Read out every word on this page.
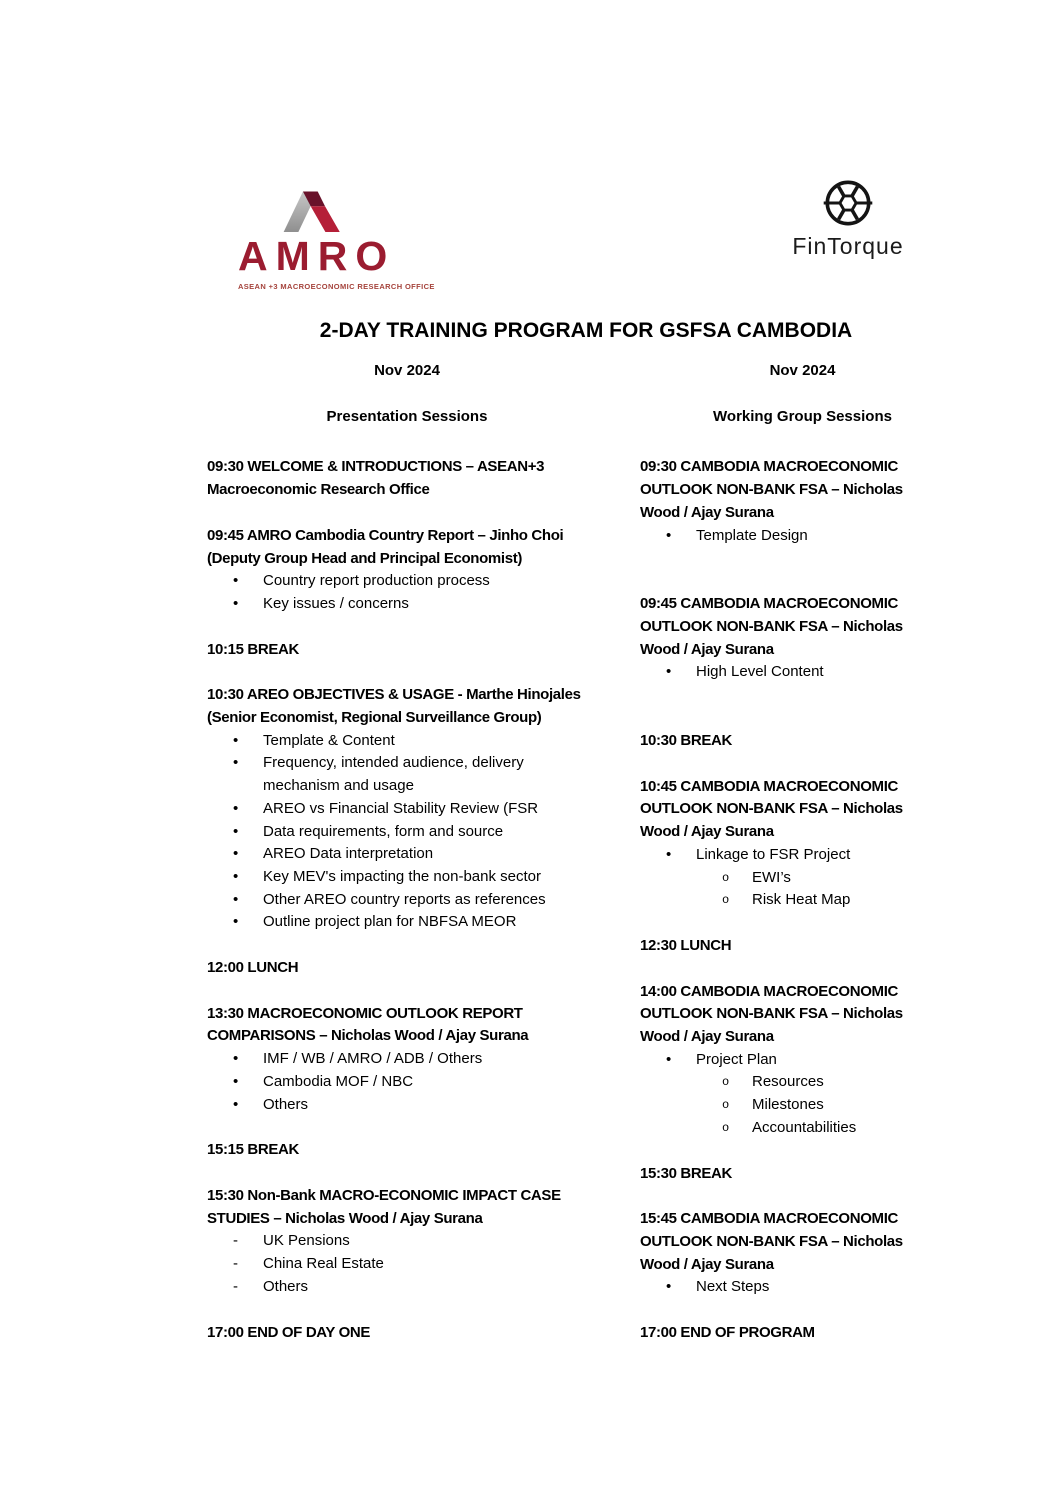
AMRO
ASEAN +3 MACROECONOMIC RESEARCH OFFICE
FinTorque
2-DAY TRAINING PROGRAM FOR GSFSA CAMBODIA
Nov 2024
Presentation Sessions
09:30 WELCOME & INTRODUCTIONS – ASEAN+3
Macroeconomic Research Office
09:45 AMRO Cambodia Country Report – Jinho Choi
(Deputy Group Head and Principal Economist)
•	Country report production process
•	Key issues / concerns
10:15 BREAK
10:30 AREO OBJECTIVES & USAGE - Marthe Hinojales
(Senior Economist, Regional Surveillance Group)
•	Template & Content
•	Frequency, intended audience, delivery
mechanism and usage
•	AREO vs Financial Stability Review (FSR
•	Data requirements, form and source
•	AREO Data interpretation
•	Key MEV's impacting the non-bank sector
•	Other AREO country reports as references
•	Outline project plan for NBFSA MEOR
12:00 LUNCH
13:30 MACROECONOMIC OUTLOOK REPORT
COMPARISONS – Nicholas Wood / Ajay Surana
•	IMF / WB / AMRO / ADB / Others
•	Cambodia MOF / NBC
•	Others
15:15 BREAK
15:30 Non-Bank MACRO-ECONOMIC IMPACT CASE
STUDIES – Nicholas Wood / Ajay Surana
-	UK Pensions
-	China Real Estate
-	Others
17:00 END OF DAY ONE
Nov 2024
Working Group Sessions
09:30 CAMBODIA MACROECONOMIC
OUTLOOK NON-BANK FSA – Nicholas
Wood / Ajay Surana
•	Template Design
09:45 CAMBODIA MACROECONOMIC
OUTLOOK NON-BANK FSA – Nicholas
Wood / Ajay Surana
•	High Level Content
10:30 BREAK
10:45 CAMBODIA MACROECONOMIC
OUTLOOK NON-BANK FSA – Nicholas
Wood / Ajay Surana
•	Linkage to FSR Project
o	EWI’s
o	Risk Heat Map
12:30 LUNCH
14:00 CAMBODIA MACROECONOMIC
OUTLOOK NON-BANK FSA – Nicholas
Wood / Ajay Surana
•	Project Plan
o	Resources
o	Milestones
o	Accountabilities
15:30 BREAK
15:45 CAMBODIA MACROECONOMIC
OUTLOOK NON-BANK FSA – Nicholas
Wood / Ajay Surana
•	Next Steps
17:00 END OF PROGRAM
